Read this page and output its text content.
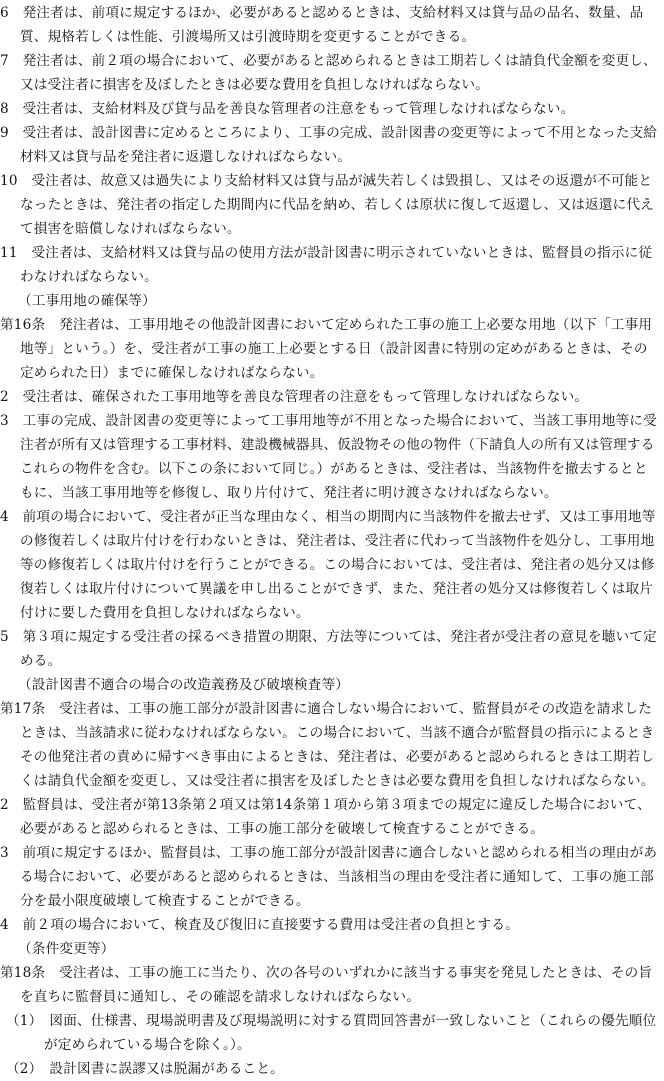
6　発注者は、前項に規定するほか、必要があると認めるときは、支給材料又は貸与品の品名、数量、品質、規格若しくは性能、引渡場所又は引渡時期を変更することができる。

7　発注者は、前２項の場合において、必要があると認められるときは工期若しくは請負代金額を変更し、又は受注者に損害を及ぼしたときは必要な費用を負担しなければならない。

8　受注者は、支給材料及び貸与品を善良な管理者の注意をもって管理しなければならない。

9　受注者は、設計図書に定めるところにより、工事の完成、設計図書の変更等によって不用となった支給材料又は貸与品を発注者に返還しなければならない。

10　受注者は、故意又は過失により支給材料又は貸与品が滅失若しくは毀損し、又はその返還が不可能となったときは、発注者の指定した期間内に代品を納め、若しくは原状に復して返還し、又は返還に代えて損害を賠償しなければならない。

11　受注者は、支給材料又は貸与品の使用方法が設計図書に明示されていないときは、監督員の指示に従わなければならない。

（工事用地の確保等）

第16条　発注者は、工事用地その他設計図書において定められた工事の施工上必要な用地（以下「工事用地等」という。）を、受注者が工事の施工上必要とする日（設計図書に特別の定めがあるときは、その定められた日）までに確保しなければならない。

2　受注者は、確保された工事用地等を善良な管理者の注意をもって管理しなければならない。

3　工事の完成、設計図書の変更等によって工事用地等が不用となった場合において、当該工事用地等に受注者が所有又は管理する工事材料、建設機械器具、仮設物その他の物件（下請負人の所有又は管理するこれらの物件を含む。以下この条において同じ。）があるときは、受注者は、当該物件を撤去するとともに、当該工事用地等を修復し、取り片付けて、発注者に明け渡さなければならない。

4　前項の場合において、受注者が正当な理由なく、相当の期間内に当該物件を撤去せず、又は工事用地等の修復若しくは取片付けを行わないときは、発注者は、受注者に代わって当該物件を処分し、工事用地等の修復若しくは取片付けを行うことができる。この場合においては、受注者は、発注者の処分又は修復若しくは取片付けについて異議を申し出ることができず、また、発注者の処分又は修復若しくは取片付けに要した費用を負担しなければならない。

5　第３項に規定する受注者の採るべき措置の期限、方法等については、発注者が受注者の意見を聴いて定める。

（設計図書不適合の場合の改造義務及び破壊検査等）

第17条　受注者は、工事の施工部分が設計図書に適合しない場合において、監督員がその改造を請求したときは、当該請求に従わなければならない。この場合において、当該不適合が監督員の指示によるときその他発注者の責めに帰すべき事由によるときは、発注者は、必要があると認められるときは工期若しくは請負代金額を変更し、又は受注者に損害を及ぼしたときは必要な費用を負担しなければならない。

2　監督員は、受注者が第13条第２項又は第14条第１項から第３項までの規定に違反した場合において、必要があると認められるときは、工事の施工部分を破壊して検査することができる。

3　前項に規定するほか、監督員は、工事の施工部分が設計図書に適合しないと認められる相当の理由がある場合において、必要があると認められるときは、当該相当の理由を受注者に通知して、工事の施工部分を最小限度破壊して検査することができる。

4　前２項の場合において、検査及び復旧に直接要する費用は受注者の負担とする。

（条件変更等）

第18条　受注者は、工事の施工に当たり、次の各号のいずれかに該当する事実を発見したときは、その旨を直ちに監督員に通知し、その確認を請求しなければならない。

（1）　図面、仕様書、現場説明書及び現場説明に対する質問回答書が一致しないこと（これらの優先順位が定められている場合を除く。）。

（2）　設計図書に誤謬又は脱漏があること。
